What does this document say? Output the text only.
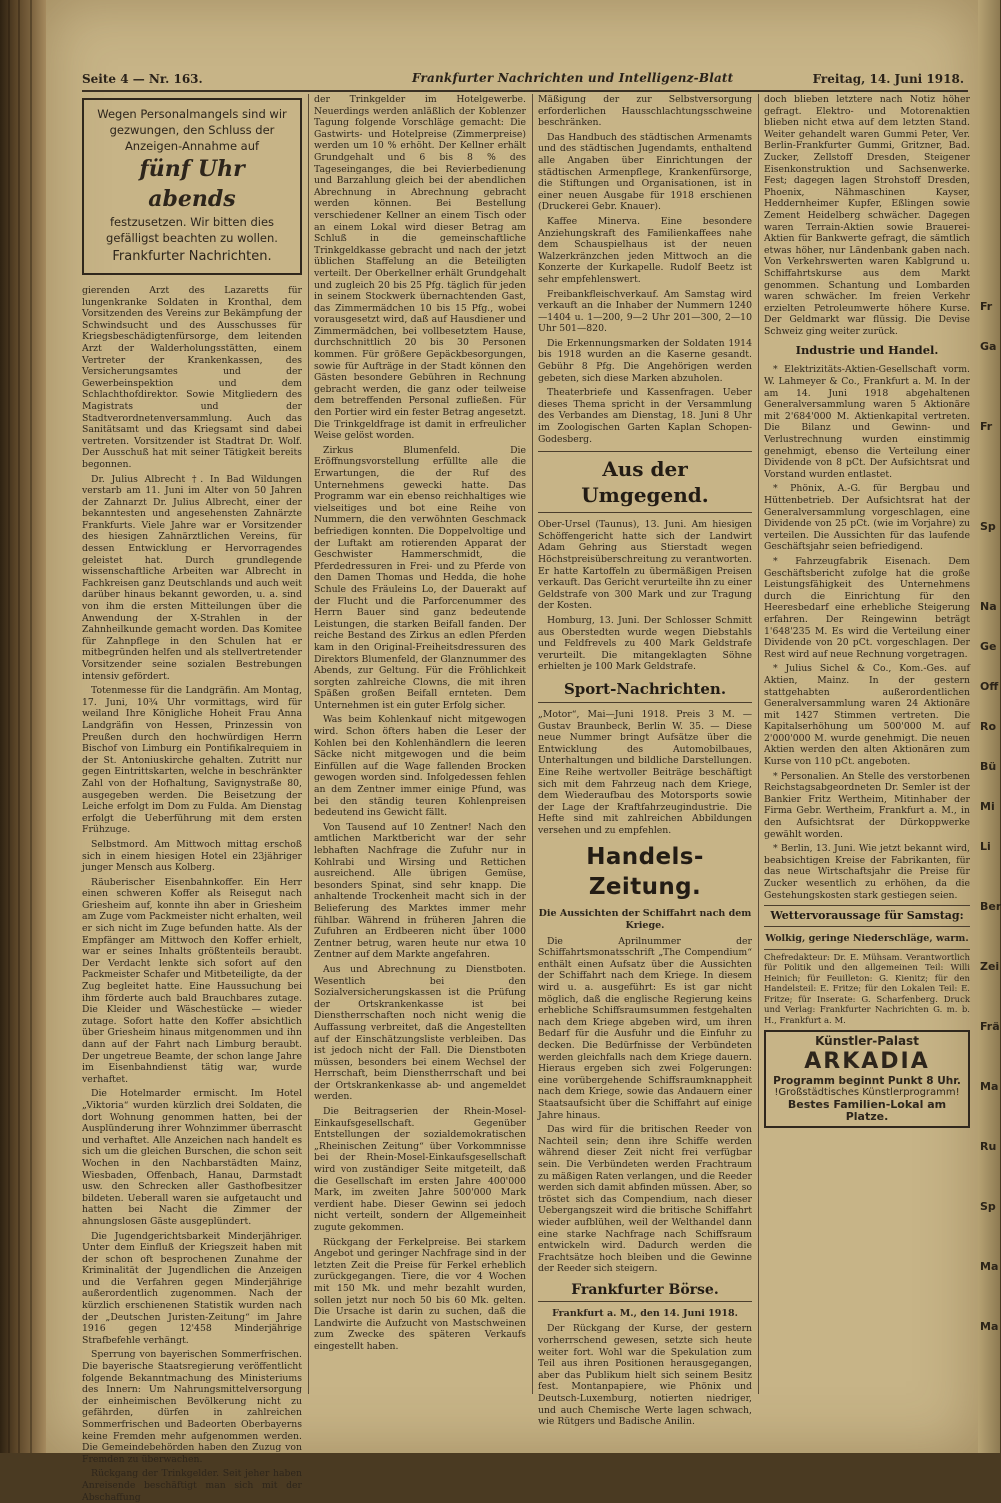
Seite 4 — Nr. 163.	Frankfurter Nachrichten und Intelligenz-Blatt	Freitag, 14. Juni 1918.
Wegen Personalmangels sind wir gezwungen, den Schluss der Anzeigen-Annahme auf
fünf Uhr abends
festzusetzen. Wir bitten dies gefälligst beachten zu wollen.
Frankfurter Nachrichten.

gierenden Arzt des Lazaretts für lungenkranke Soldaten in Kronthal, dem Vorsitzenden des Vereins zur Bekämpfung der Schwindsucht und des Ausschusses für Kriegsbeschädigtenfürsorge, dem leitenden Arzt der Walderholungsstätten, einem Vertreter der Krankenkassen, des Versicherungsamtes und der Gewerbeinspektion und dem Schlachthofdirektor. Sowie Mitgliedern des Magistrats und der Stadtverordnetenversammlung. Auch das Sanitätsamt und das Kriegsamt sind dabei vertreten. Vorsitzender ist Stadtrat Dr. Wolf. Der Ausschuß hat mit seiner Tätigkeit bereits begonnen.

Dr. Julius Albrecht †. In Bad Wildungen verstarb am 11. Juni im Alter von 50 Jahren der Zahnarzt Dr. Julius Albrecht, einer der bekanntesten und angesehensten Zahnärzte Frankfurts. Viele Jahre war er Vorsitzender des hiesigen Zahnärztlichen Vereins, für dessen Entwicklung er Hervorragendes geleistet hat. Durch grundlegende wissenschaftliche Arbeiten war Albrecht in Fachkreisen ganz Deutschlands und auch weit darüber hinaus bekannt geworden, u. a. sind von ihm die ersten Mitteilungen über die Anwendung der X-Strahlen in der Zahnheilkunde gemacht worden. Das Komitee für Zahnpflege in den Schulen hat er mitbegründen helfen und als stellvertretender Vorsitzender seine sozialen Bestrebungen intensiv gefördert.

Totenmesse für die Landgräfin. Am Montag, 17. Juni, 10¾ Uhr vormittags, wird für weiland Ihre Königliche Hoheit Frau Anna Landgräfin von Hessen, Prinzessin von Preußen durch den hochwürdigen Herrn Bischof von Limburg ein Pontifikalrequiem in der St. Antoniuskirche gehalten. Zutritt nur gegen Eintrittskarten, welche in beschränkter Zahl von der Hofhaltung, Savignystraße 80, ausgegeben werden. Die Beisetzung der Leiche erfolgt im Dom zu Fulda. Am Dienstag erfolgt die Ueberführung mit dem ersten Frühzuge.

Selbstmord. Am Mittwoch mittag erschoß sich in einem hiesigen Hotel ein 23jähriger junger Mensch aus Kolberg.

Räuberischer Eisenbahnkoffer. Ein Herr einen schweren Koffer als Reisegut nach Griesheim auf, konnte ihn aber in Griesheim am Zuge vom Packmeister nicht erhalten, weil er sich nicht im Zuge befunden hatte. Als der Empfänger am Mittwoch den Koffer erhielt, war er seines Inhalts größtenteils beraubt. Der Verdacht lenkte sich sofort auf den Packmeister Schafer und Mitbeteiligte, da der Zug begleitet hatte. Eine Haussuchung bei ihm förderte auch bald Brauchbares zutage. Die Kleider und Wäschestücke — wieder zutage. Sofort hatte den Koffer absichtlich über Griesheim hinaus mitgenommen und ihn dann auf der Fahrt nach Limburg beraubt. Der ungetreue Beamte, der schon lange Jahre im Eisenbahndienst tätig war, wurde verhaftet.

Die Hotelmarder ermischt. Im Hotel „Viktoria“ wurden kürzlich drei Soldaten, die dort Wohnung genommen hatten, bei der Ausplünderung ihrer Wohnzimmer überrascht und verhaftet. Alle Anzeichen nach handelt es sich um die gleichen Burschen, die schon seit Wochen in den Nachbarstädten Mainz, Wiesbaden, Offenbach, Hanau, Darmstadt usw. den Schrecken aller Gasthofbesitzer bildeten. Ueberall waren sie aufgetaucht und hatten bei Nacht die Zimmer der ahnungslosen Gäste ausgeplündert.

Die Jugendgerichtsbarkeit Minderjähriger. Unter dem Einfluß der Kriegszeit haben mit der schon oft besprochenen Zunahme der Kriminalität der Jugendlichen die Anzeigen und die Verfahren gegen Minderjährige außerordentlich zugenommen. Nach der kürzlich erschienenen Statistik wurden nach der „Deutschen Juristen-Zeitung“ im Jahre 1916 gegen 12'458 Minderjährige Strafbefehle verhängt.

Sperrung von bayerischen Sommerfrischen. Die bayerische Staatsregierung veröffentlicht folgende Bekanntmachung des Ministeriums des Innern: Um Nahrungsmittelversorgung der einheimischen Bevölkerung nicht zu gefährden, dürfen in zahlreichen Sommerfrischen und Badeorten Oberbayerns keine Fremden mehr aufgenommen werden. Die Gemeindebehörden haben den Zuzug von Fremden zu überwachen.

Rückgang der Trinkgelder. Seit jeher haben Anreisende beschäftigt man sich mit der Abschaffung

der Trinkgelder im Hotelgewerbe. Neuerdings werden anläßlich der Koblenzer Tagung folgende Vorschläge gemacht: Die Gastwirts- und Hotelpreise (Zimmerpreise) werden um 10 % erhöht. Der Kellner erhält Grundgehalt und 6 bis 8 % des Tageseinganges, die bei Revierbedienung und Barzahlung gleich bei der abendlichen Abrechnung in Abrechnung gebracht werden können. Bei Bestellung verschiedener Kellner an einem Tisch oder an einem Lokal wird dieser Betrag am Schluß in die gemeinschaftliche Trinkgeldkasse gebracht und nach der jetzt üblichen Staffelung an die Beteiligten verteilt. Der Oberkellner erhält Grundgehalt und zugleich 20 bis 25 Pfg. täglich für jeden in seinem Stockwerk übernachtenden Gast, das Zimmermädchen 10 bis 15 Pfg., wobei vorausgesetzt wird, daß auf Hausdiener und Zimmermädchen, bei vollbesetztem Hause, durchschnittlich 20 bis 30 Personen kommen. Für größere Gepäckbesorgungen, sowie für Aufträge in der Stadt können den Gästen besondere Gebühren in Rechnung gebracht werden, die ganz oder teilweise dem betreffenden Personal zufließen. Für den Portier wird ein fester Betrag angesetzt. Die Trinkgeldfrage ist damit in erfreulicher Weise gelöst worden.

Zirkus Blumenfeld. Die Eröffnungsvorstellung erfüllte alle die Erwartungen, die der Ruf des Unternehmens gewecki hatte. Das Programm war ein ebenso reichhaltiges wie vielseitiges und bot eine Reihe von Nummern, die den verwöhnten Geschmack befriedigen konnten. Die Doppelvoltige und der Luftakt am rotierenden Apparat der Geschwister Hammerschmidt, die Pferdedressuren in Frei- und zu Pferde von den Damen Thomas und Hedda, die hohe Schule des Fräuleins Lo, der Dauerakt auf der Flucht und die Parforcenummer des Herrn Bauer sind ganz bedeutende Leistungen, die starken Beifall fanden. Der reiche Bestand des Zirkus an edlen Pferden kam in den Original-Freiheitsdressuren des Direktors Blumenfeld, der Glanznummer des Abends, zur Geltung. Für die Fröhlichkeit sorgten zahlreiche Clowns, die mit ihren Späßen großen Beifall ernteten. Dem Unternehmen ist ein guter Erfolg sicher.

Was beim Kohlenkauf nicht mitgewogen wird. Schon öfters haben die Leser der Kohlen bei den Kohlenhändlern die leeren Säcke nicht mitgewogen und die beim Einfüllen auf die Wage fallenden Brocken gewogen worden sind. Infolgedessen fehlen an dem Zentner immer einige Pfund, was bei den ständig teuren Kohlenpreisen bedeutend ins Gewicht fällt.

Von Tausend auf 10 Zentner! Nach den amtlichen Marktbericht war der sehr lebhaften Nachfrage die Zufuhr nur in Kohlrabi und Wirsing und Rettichen ausreichend. Alle übrigen Gemüse, besonders Spinat, sind sehr knapp. Die anhaltende Trockenheit macht sich in der Belieferung des Marktes immer mehr fühlbar. Während in früheren Jahren die Zufuhren an Erdbeeren nicht über 1000 Zentner betrug, waren heute nur etwa 10 Zentner auf dem Markte angefahren.

Aus und Abrechnung zu Dienstboten. Wesentlich bei den Sozialversicherungskassen ist die Prüfung der Ortskrankenkasse ist bei Dienstherrschaften noch nicht wenig die Auffassung verbreitet, daß die Angestellten auf der Einschätzungsliste verbleiben. Das ist jedoch nicht der Fall. Die Dienstboten müssen, besonders bei einem Wechsel der Herrschaft, beim Dienstherrschaft und bei der Ortskrankenkasse ab- und angemeldet werden.

Die Beitragserien der Rhein-Mosel-Einkaufsgesellschaft. Gegenüber Entstellungen der sozialdemokratischen „Rheinischen Zeitung“ über Vorkommnisse bei der Rhein-Mosel-Einkaufsgesellschaft wird von zuständiger Seite mitgeteilt, daß die Gesellschaft im ersten Jahre 400'000 Mark, im zweiten Jahre 500'000 Mark verdient habe. Dieser Gewinn sei jedoch nicht verteilt, sondern der Allgemeinheit zugute gekommen.

Rückgang der Ferkelpreise. Bei starkem Angebot und geringer Nachfrage sind in der letzten Zeit die Preise für Ferkel erheblich zurückgegangen. Tiere, die vor 4 Wochen mit 150 Mk. und mehr bezahlt wurden, sollen jetzt nur noch 50 bis 60 Mk. gelten. Die Ursache ist darin zu suchen, daß die Landwirte die Aufzucht von Mastschweinen zum Zwecke des späteren Verkaufs eingestellt haben.

Mäßigung der zur Selbstversorgung erforderlichen Hausschlachtungsschweine beschränken.

Das Handbuch des städtischen Armenamts und des städtischen Jugendamts, enthaltend alle Angaben über Einrichtungen der städtischen Armenpflege, Krankenfürsorge, die Stiftungen und Organisationen, ist in einer neuen Ausgabe für 1918 erschienen (Druckerei Gebr. Knauer).

Kaffee Minerva. Eine besondere Anziehungskraft des Familienkaffees nahe dem Schauspielhaus ist der neuen Walzerkränzchen jeden Mittwoch an die Konzerte der Kurkapelle. Rudolf Beetz ist sehr empfehlenswert.

Freibankfleischverkauf. Am Samstag wird verkauft an die Inhaber der Nummern 1240—1404 u. 1—200, 9—2 Uhr 201—300, 2—10 Uhr 501—820.

Die Erkennungsmarken der Soldaten 1914 bis 1918 wurden an die Kaserne gesandt. Gebühr 8 Pfg. Die Angehörigen werden gebeten, sich diese Marken abzuholen.

Theaterbriefe und Kassenfragen. Ueber dieses Thema spricht in der Versammlung des Verbandes am Dienstag, 18. Juni 8 Uhr im Zoologischen Garten Kaplan Schopen-Godesberg.

Aus der Umgegend.

Ober-Ursel (Taunus), 13. Juni. Am hiesigen Schöffengericht hatte sich der Landwirt Adam Gehring aus Stierstadt wegen Höchstpreisüberschreitung zu verantworten. Er hatte Kartoffeln zu übermäßigen Preisen verkauft. Das Gericht verurteilte ihn zu einer Geldstrafe von 300 Mark und zur Tragung der Kosten.

Homburg, 13. Juni. Der Schlosser Schmitt aus Oberstedten wurde wegen Diebstahls und Feldfrevels zu 400 Mark Geldstrafe verurteilt. Die mitangeklagten Söhne erhielten je 100 Mark Geldstrafe.

Sport-Nachrichten.

„Motor“, Mai—Juni 1918. Preis 3 M. — Gustav Braunbeck, Berlin W. 35. — Diese neue Nummer bringt Aufsätze über die Entwicklung des Automobilbaues, Unterhaltungen und bildliche Darstellungen. Eine Reihe wertvoller Beiträge beschäftigt sich mit dem Fahrzeug nach dem Kriege, dem Wiederaufbau des Motorsports sowie der Lage der Kraftfahrzeugindustrie. Die Hefte sind mit zahlreichen Abbildungen versehen und zu empfehlen.

Handels-Zeitung.
Die Aussichten der Schiffahrt nach dem Kriege.

Die Aprilnummer der Schiffahrtsmonatsschrift „The Compendium“ enthält einen Aufsatz über die Aussichten der Schiffahrt nach dem Kriege. In diesem wird u. a. ausgeführt: Es ist gar nicht möglich, daß die englische Regierung keins erhebliche Schiffsraumsummen festgehalten nach dem Kriege abgeben wird, um ihren Bedarf für die Ausfuhr und die Einfuhr zu decken. Die Bedürfnisse der Verbündeten werden gleichfalls nach dem Kriege dauern. Hieraus ergeben sich zwei Folgerungen: eine vorübergehende Schiffsraumknappheit nach dem Kriege, sowie das Andauern einer Staatsaufsicht über die Schiffahrt auf einige Jahre hinaus.

Das wird für die britischen Reeder von Nachteil sein; denn ihre Schiffe werden während dieser Zeit nicht frei verfügbar sein. Die Verbündeten werden Frachtraum zu mäßigen Raten verlangen, und die Reeder werden sich damit abfinden müssen. Aber, so tröstet sich das Compendium, nach dieser Uebergangszeit wird die britische Schiffahrt wieder aufblühen, weil der Welthandel dann eine starke Nachfrage nach Schiffsraum entwickeln wird. Dadurch werden die Frachtsätze hoch bleiben und die Gewinne der Reeder sich steigern.

Frankfurter Börse.
Frankfurt a. M., den 14. Juni 1918.

Der Rückgang der Kurse, der gestern vorherrschend gewesen, setzte sich heute weiter fort. Wohl war die Spekulation zum Teil aus ihren Positionen herausgegangen, aber das Publikum hielt sich seinem Besitz fest. Montanpapiere, wie Phönix und Deutsch-Luxemburg, notierten niedriger, und auch Chemische Werte lagen schwach, wie Rütgers und Badische Anilin.

doch blieben letztere nach Notiz höher gefragt. Elektro- und Motorenaktien blieben nicht etwa auf dem letzten Stand. Weiter gehandelt waren Gummi Peter, Ver. Berlin-Frankfurter Gummi, Gritzner, Bad. Zucker, Zellstoff Dresden, Steigener Eisenkonstruktion und Sachsenwerke. Fest; dagegen lagen Strohstoff Dresden, Phoenix, Nähmaschinen Kayser, Heddernheimer Kupfer, Eßlingen sowie Zement Heidelberg schwächer. Dagegen waren Terrain-Aktien sowie Brauerei-Aktien für Bankwerte gefragt, die sämtlich etwas höher, nur Ländenbank gaben nach. Von Verkehrswerten waren Kablgrund u. Schiffahrtskurse aus dem Markt genommen. Schantung und Lombarden waren schwächer. Im freien Verkehr erzielten Petroleumwerte höhere Kurse. Der Geldmarkt war flüssig. Die Devise Schweiz ging weiter zurück.

Industrie und Handel.

* Elektrizitäts-Aktien-Gesellschaft vorm. W. Lahmeyer & Co., Frankfurt a. M. In der am 14. Juni 1918 abgehaltenen Generalversammlung waren 5 Aktionäre mit 2'684'000 M. Aktienkapital vertreten. Die Bilanz und Gewinn- und Verlustrechnung wurden einstimmig genehmigt, ebenso die Verteilung einer Dividende von 8 pCt. Der Aufsichtsrat und Vorstand wurden entlastet.

* Phönix, A.-G. für Bergbau und Hüttenbetrieb. Der Aufsichtsrat hat der Generalversammlung vorgeschlagen, eine Dividende von 25 pCt. (wie im Vorjahre) zu verteilen. Die Aussichten für das laufende Geschäftsjahr seien befriedigend.

* Fahrzeugfabrik Eisenach. Dem Geschäftsbericht zufolge hat die große Leistungsfähigkeit des Unternehmens durch die Einrichtung für den Heeresbedarf eine erhebliche Steigerung erfahren. Der Reingewinn beträgt 1'648'235 M. Es wird die Verteilung einer Dividende von 20 pCt. vorgeschlagen. Der Rest wird auf neue Rechnung vorgetragen.

* Julius Sichel & Co., Kom.-Ges. auf Aktien, Mainz. In der gestern stattgehabten außerordentlichen Generalversammlung waren 24 Aktionäre mit 1427 Stimmen vertreten. Die Kapitalserhöhung um 500'000 M. auf 2'000'000 M. wurde genehmigt. Die neuen Aktien werden den alten Aktionären zum Kurse von 110 pCt. angeboten.

* Personalien. An Stelle des verstorbenen Reichstagsabgeordneten Dr. Semler ist der Bankier Fritz Wertheim, Mitinhaber der Firma Gebr. Wertheim, Frankfurt a. M., in den Aufsichtsrat der Dürkoppwerke gewählt worden.

* Berlin, 13. Juni. Wie jetzt bekannt wird, beabsichtigen Kreise der Fabrikanten, für das neue Wirtschaftsjahr die Preise für Zucker wesentlich zu erhöhen, da die Gestehungskosten stark gestiegen seien.

Wettervoraussage für Samstag:
Wolkig, geringe Niederschläge, warm.

Chefredakteur: Dr. E. Mühsam. Verantwortlich für Politik und den allgemeinen Teil: Willi Heinich; für Feuilleton: G. Kienitz; für den Handelsteil: E. Fritze; für den Lokalen Teil: E. Fritze; für Inserate: G. Scharfenberg. Druck und Verlag: Frankfurter Nachrichten G. m. b. H., Frankfurt a. M.

Künstler-Palast
ARKADIA
Programm beginnt Punkt 8 Uhr.
!Großstädtisches Künstlerprogramm!
Bestes Familien-Lokal am Platze.
Fr
Ga
Fr
Sp
Na
Ge
Off
Ro
Bü
Mi
Li
Ber
Zei
Frä
Ma
Ru
Sp
Ma
Ma
